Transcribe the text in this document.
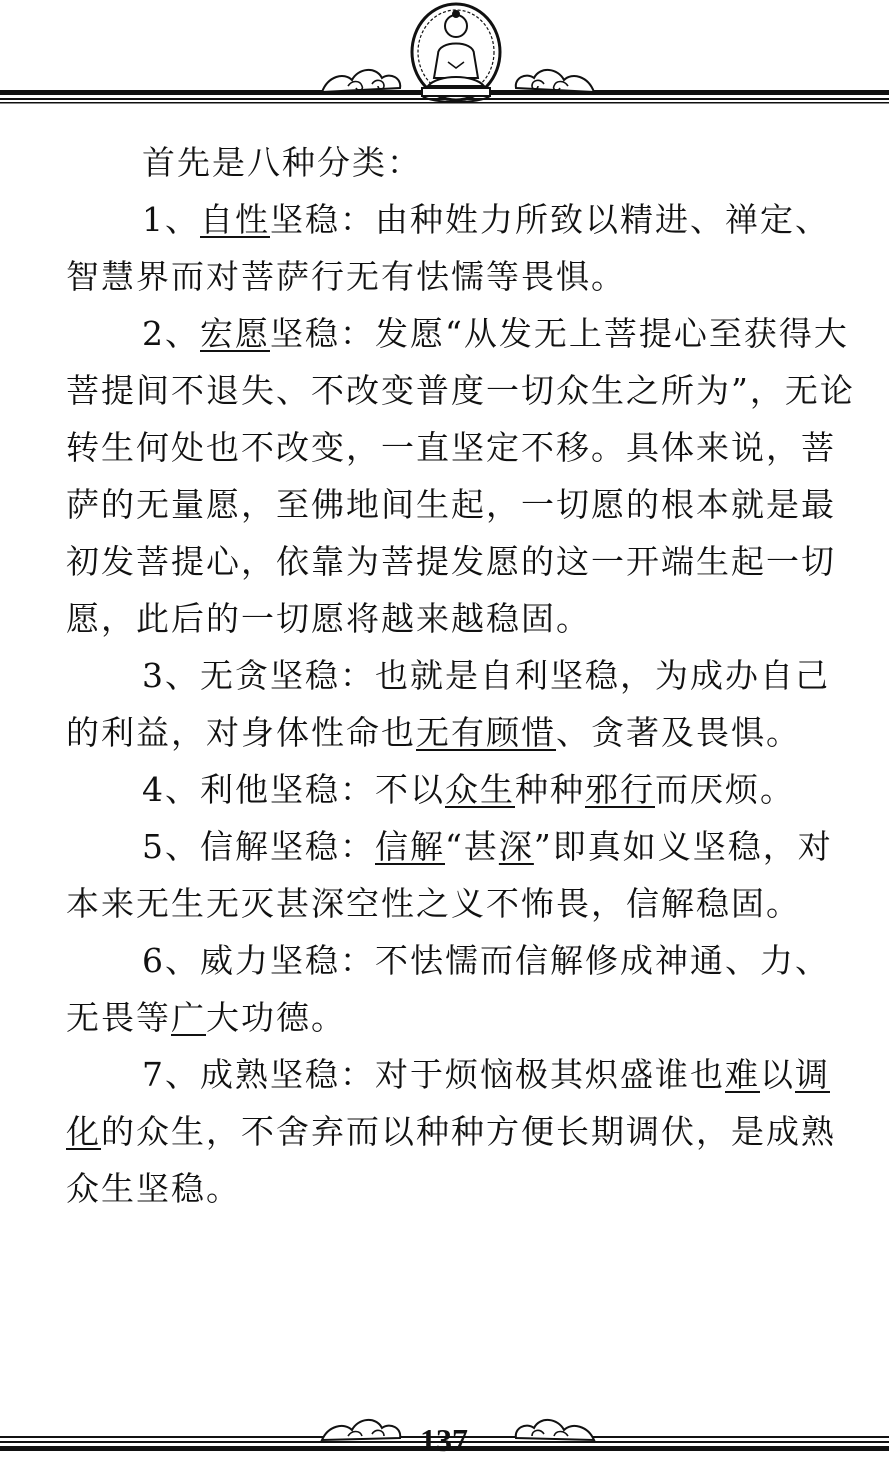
首先是八种分类：

1、自性坚稳：由种姓力所致以精进、禅定、智慧界而对菩萨行无有怯懦等畏惧。

2、宏愿坚稳：发愿“从发无上菩提心至获得大菩提间不退失、不改变普度一切众生之所为”，无论转生何处也不改变，一直坚定不移。具体来说，菩萨的无量愿，至佛地间生起，一切愿的根本就是最初发菩提心，依靠为菩提发愿的这一开端生起一切愿，此后的一切愿将越来越稳固。

3、无贪坚稳：也就是自利坚稳，为成办自己的利益，对身体性命也无有顾惜、贪著及畏惧。

4、利他坚稳：不以众生种种邪行而厌烦。

5、信解坚稳：信解“甚深”即真如义坚稳，对本来无生无灭甚深空性之义不怖畏，信解稳固。

6、威力坚稳：不怯懦而信解修成神通、力、无畏等广大功德。

7、成熟坚稳：对于烦恼极其炽盛谁也难以调化的众生，不舍弃而以种种方便长期调伏，是成熟众生坚稳。

137
